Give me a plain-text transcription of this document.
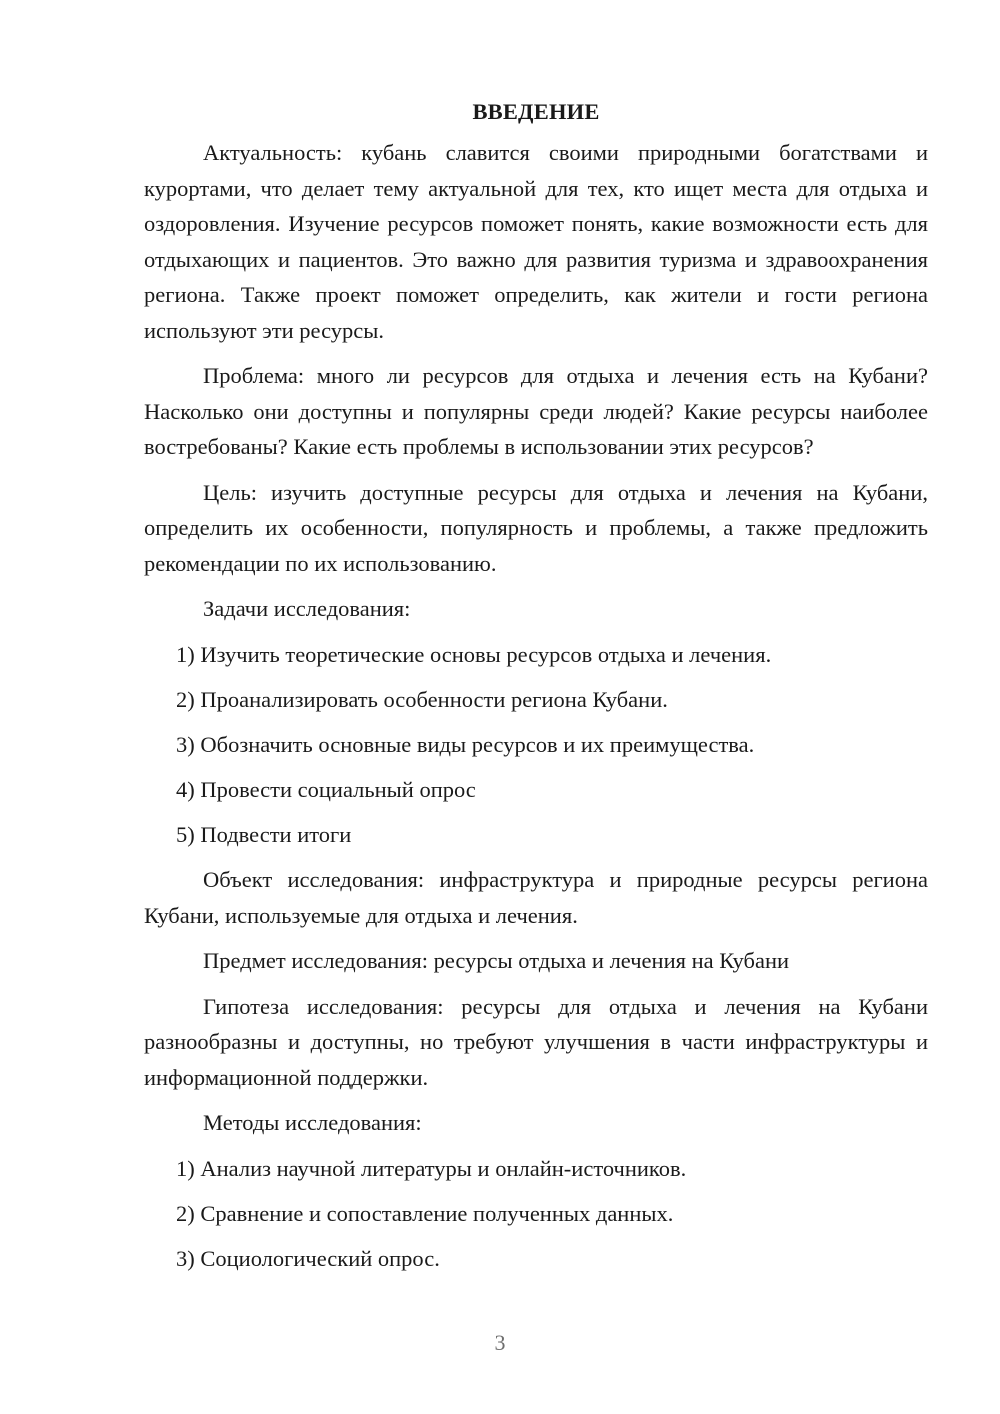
ВВЕДЕНИЕ

Актуальность: кубань славится своими природными богатствами и курортами, что делает тему актуальной для тех, кто ищет места для отдыха и оздоровления. Изучение ресурсов поможет понять, какие возможности есть для отдыхающих и пациентов. Это важно для развития туризма и здравоохранения региона. Также проект поможет определить, как жители и гости региона используют эти ресурсы.

Проблема: много ли ресурсов для отдыха и лечения есть на Кубани? Насколько они доступны и популярны среди людей? Какие ресурсы наиболее востребованы? Какие есть проблемы в использовании этих ресурсов?

Цель: изучить доступные ресурсы для отдыха и лечения на Кубани, определить их особенности, популярность и проблемы, а также предложить рекомендации по их использованию.

Задачи исследования:

1) Изучить теоретические основы ресурсов отдыха и лечения.
2) Проанализировать особенности региона Кубани.
3) Обозначить основные виды ресурсов и их преимущества.
4) Провести социальный опрос
5) Подвести итоги

Объект исследования: инфраструктура и природные ресурсы региона Кубани, используемые для отдыха и лечения.

Предмет исследования: ресурсы отдыха и лечения на Кубани

Гипотеза исследования: ресурсы для отдыха и лечения на Кубани разнообразны и доступны, но требуют улучшения в части инфраструктуры и информационной поддержки.

Методы исследования:

1) Анализ научной литературы и онлайн-источников.
2) Сравнение и сопоставление полученных данных.
3) Социологический опрос.
3
